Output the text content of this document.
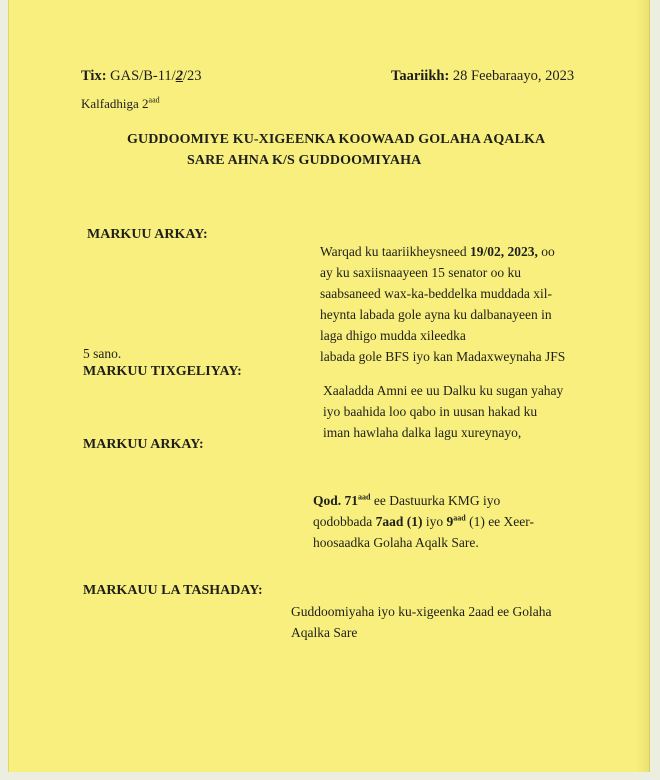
Tix: GAS/B-11/2/23	Taariikh: 28 Feebaraayo, 2023
Kalfadhiga $2^{aad}$
GUDDOOMIYE KU-XIGEENKA KOOWAAD GOLAHA AQALKA
SARE AHNA K/S GUDDOOMIYAHA
MARKUU ARKAY:
Warqad ku taariikheysneed 19/02, 2023, oo
ay ku saxiisnaayeen 15 senator oo ku
saabsaneed wax-ka-beddelka muddada xil-
heynta labada gole ayna ku dalbanayeen in
laga dhigo mudda xileedka
labada gole BFS iyo kan Madaxweynaha JFS
5 sano.
MARKUU TIXGELIYAY:
Xaaladda Amni ee uu Dalku ku sugan yahay
iyo baahida loo qabo in uusan hakad ku
iman hawlaha dalka lagu xureynayo,
MARKUU ARKAY:
Qod. $71^{aad}$ ee Dastuurka KMG iyo
qodobbada 7aad (1) iyo $9^{aad}$ (1) ee Xeer-
hoosaadka Golaha Aqalk Sare.
MARKAUU LA TASHADAY:
Guddoomiyaha iyo ku-xigeenka 2aad ee Golaha
Aqalka Sare
